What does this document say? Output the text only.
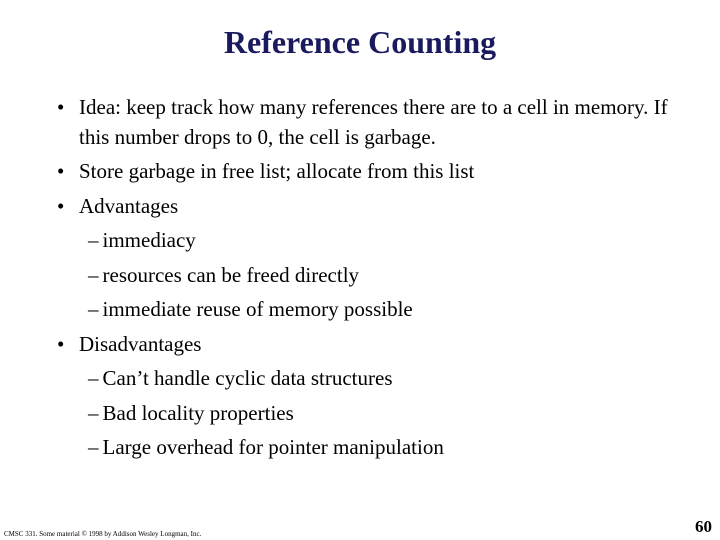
Reference Counting
• Idea: keep track how many references there are to a cell in memory. If this number drops to 0, the cell is garbage.
• Store garbage in free list; allocate from this list
• Advantages
– immediacy
– resources can be freed directly
– immediate reuse of memory possible
• Disadvantages
– Can’t handle cyclic data structures
– Bad locality properties
– Large overhead for pointer manipulation
CMSC 331. Some material © 1998 by Addison Wesley Longman, Inc.	60
